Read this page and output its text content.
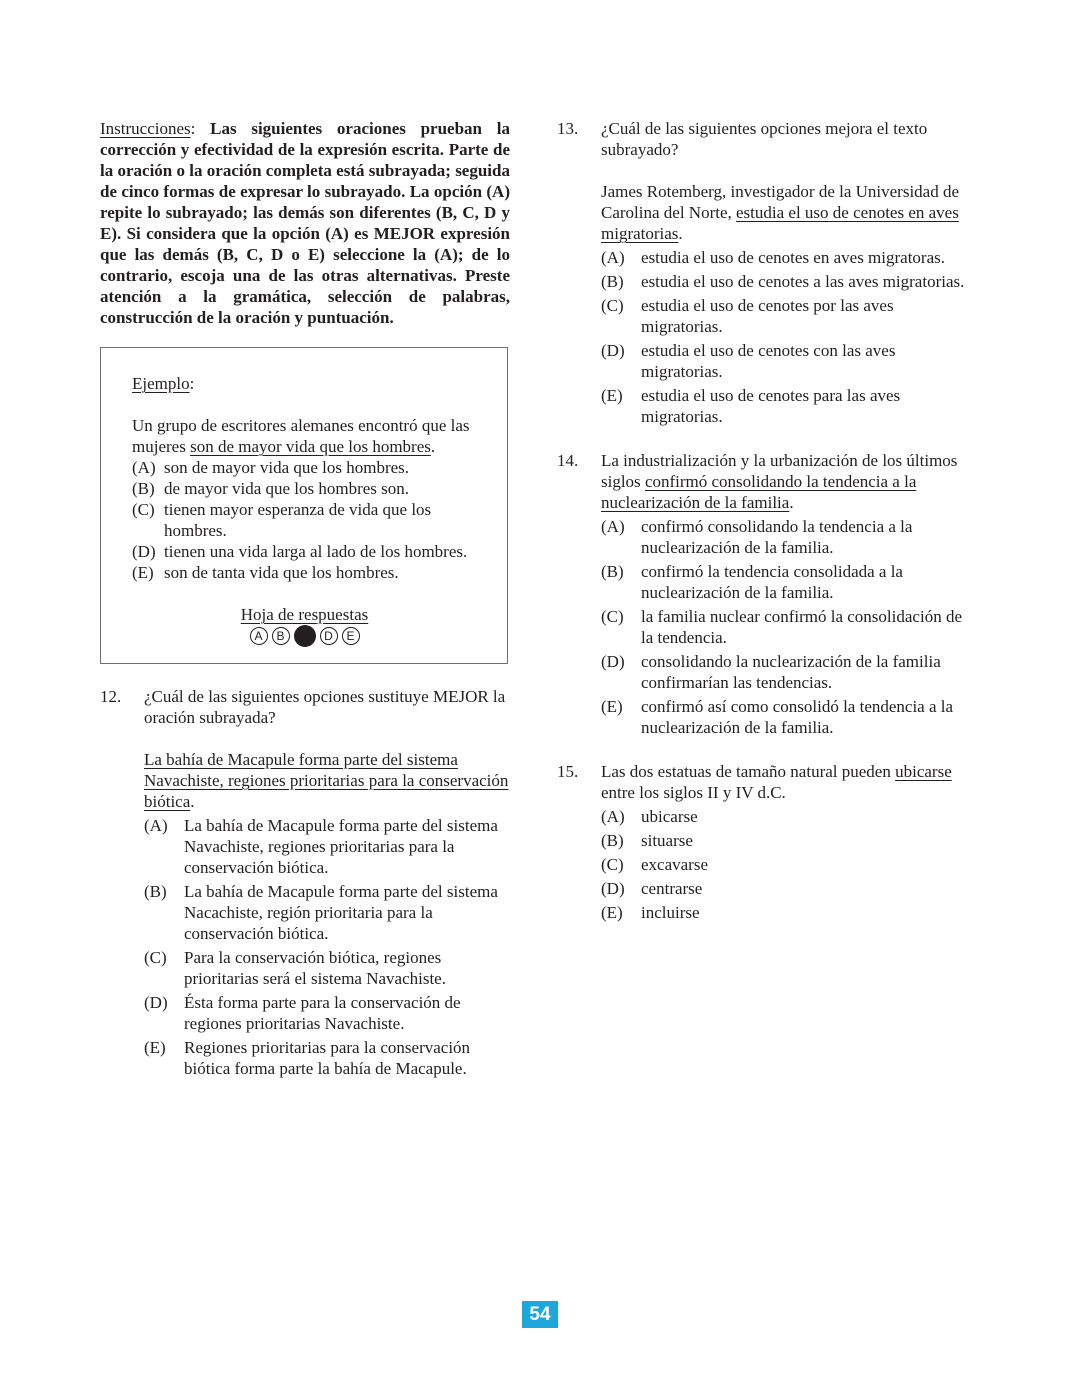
Instrucciones: Las siguientes oraciones prueban la corrección y efectividad de la expresión escrita. Parte de la oración o la oración completa está subrayada; seguida de cinco formas de expresar lo subrayado. La opción (A) repite lo subrayado; las demás son diferentes (B, C, D y E). Si considera que la opción (A) es MEJOR expresión que las demás (B, C, D o E) seleccione la (A); de lo contrario, escoja una de las otras alternativas. Preste atención a la gramática, selección de palabras, construcción de la oración y puntuación.

Ejemplo:
Un grupo de escritores alemanes encontró que las mujeres son de mayor vida que los hombres.
(A) son de mayor vida que los hombres.
(B) de mayor vida que los hombres son.
(C) tienen mayor esperanza de vida que los hombres.
(D) tienen una vida larga al lado de los hombres.
(E) son de tanta vida que los hombres.
Hoja de respuestas
A	B	D	E
12.	¿Cuál de las siguientes opciones sustituye MEJOR la oración subrayada?
La bahía de Macapule forma parte del sistema Navachiste, regiones prioritarias para la conservación biótica.
(A) La bahía de Macapule forma parte del sistema Navachiste, regiones prioritarias para la conservación biótica.
(B)	La bahía de Macapule forma parte del sistema Nacachiste, región prioritaria para la conservación biótica.
(C)	Para la conservación biótica, regiones prioritarias será el sistema Navachiste.
(D) Ésta forma parte para la conservación de regiones prioritarias Navachiste.
(E)	Regiones prioritarias para la conservación biótica forma parte la bahía de Macapule.
13.	¿Cuál de las siguientes opciones mejora el texto subrayado?
James Rotemberg, investigador de la Universidad de Carolina del Norte, estudia el uso de cenotes en aves migratorias.
(A) estudia el uso de cenotes en aves migratoras.
(B)	estudia el uso de cenotes a las aves migratorias.
(C)	estudia el uso de cenotes por las aves migratorias.
(D) estudia el uso de cenotes con las aves migratorias.
(E)	estudia el uso de cenotes para las aves migratorias.
14.	La industrialización y la urbanización de los últimos siglos confirmó consolidando la tendencia a la nuclearización de la familia.
(A) confirmó consolidando la tendencia a la nuclearización de la familia.
(B)	confirmó la tendencia consolidada a la nuclearización de la familia.
(C)	la familia nuclear confirmó la consolidación de la tendencia.
(D) consolidando la nuclearización de la familia confirmarían las tendencias.
(E)	confirmó así como consolidó la tendencia a la nuclearización de la familia.
15.	Las dos estatuas de tamaño natural pueden ubicarse entre los siglos II y IV d.C.
(A) ubicarse
(B)	situarse
(C)	excavarse
(D) centrarse
(E)	incluirse
54
